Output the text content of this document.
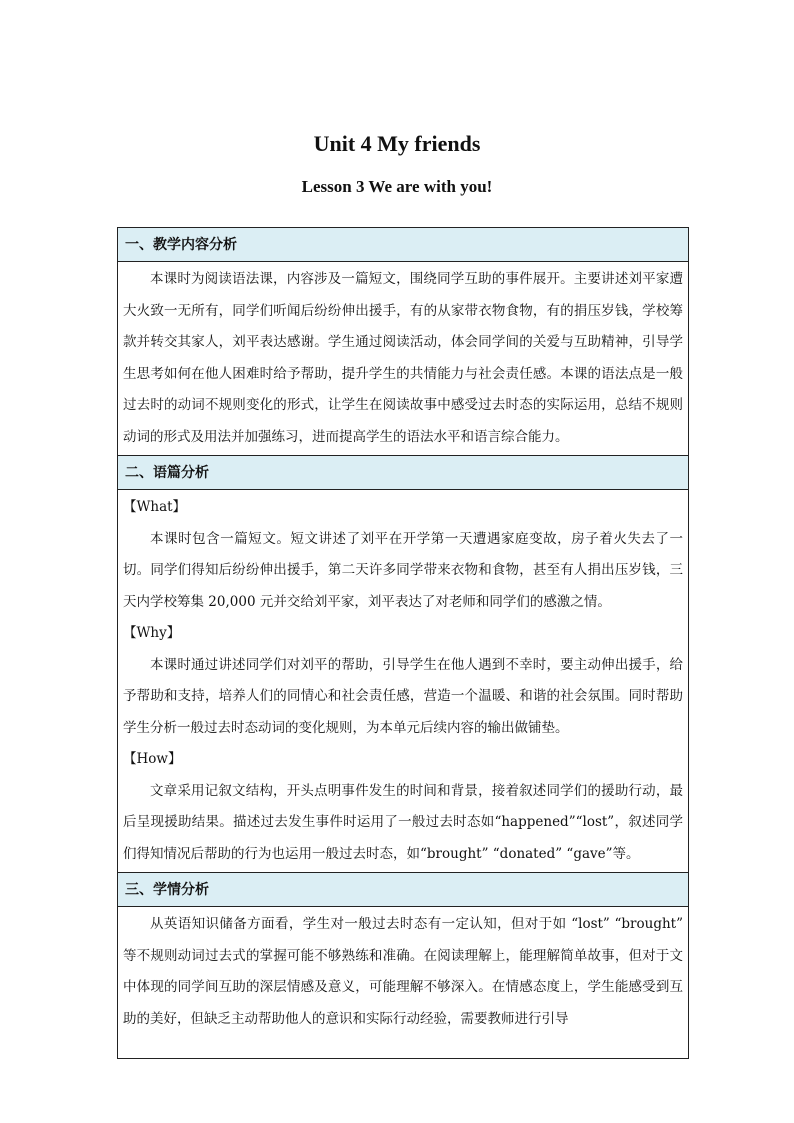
Unit 4 My friends
Lesson 3 We are with you!
一、教学内容分析

本课时为阅读语法课，内容涉及一篇短文，围绕同学互助的事件展开。主要讲述刘平家遭大火致一无所有，同学们听闻后纷纷伸出援手，有的从家带衣物食物，有的捐压岁钱，学校筹款并转交其家人，刘平表达感谢。学生通过阅读活动，体会同学间的关爱与互助精神，引导学生思考如何在他人困难时给予帮助，提升学生的共情能力与社会责任感。本课的语法点是一般过去时的动词不规则变化的形式，让学生在阅读故事中感受过去时态的实际运用，总结不规则动词的形式及用法并加强练习，进而提高学生的语法水平和语言综合能力。

二、语篇分析

【What】

本课时包含一篇短文。短文讲述了刘平在开学第一天遭遇家庭变故，房子着火失去了一切。同学们得知后纷纷伸出援手，第二天许多同学带来衣物和食物，甚至有人捐出压岁钱，三天内学校筹集 20,000 元并交给刘平家，刘平表达了对老师和同学们的感激之情。

【Why】

本课时通过讲述同学们对刘平的帮助，引导学生在他人遇到不幸时，要主动伸出援手，给予帮助和支持，培养人们的同情心和社会责任感，营造一个温暖、和谐的社会氛围。同时帮助学生分析一般过去时态动词的变化规则，为本单元后续内容的输出做铺垫。

【How】

文章采用记叙文结构，开头点明事件发生的时间和背景，接着叙述同学们的援助行动，最后呈现援助结果。描述过去发生事件时运用了一般过去时态如“happened”“lost”，叙述同学们得知情况后帮助的行为也运用一般过去时态，如“brought” “donated” “gave”等。

三、学情分析

从英语知识储备方面看，学生对一般过去时态有一定认知，但对于如 “lost” “brought” 等不规则动词过去式的掌握可能不够熟练和准确。在阅读理解上，能理解简单故事，但对于文中体现的同学间互助的深层情感及意义，可能理解不够深入。在情感态度上，学生能感受到互助的美好，但缺乏主动帮助他人的意识和实际行动经验，需要教师进行引导
